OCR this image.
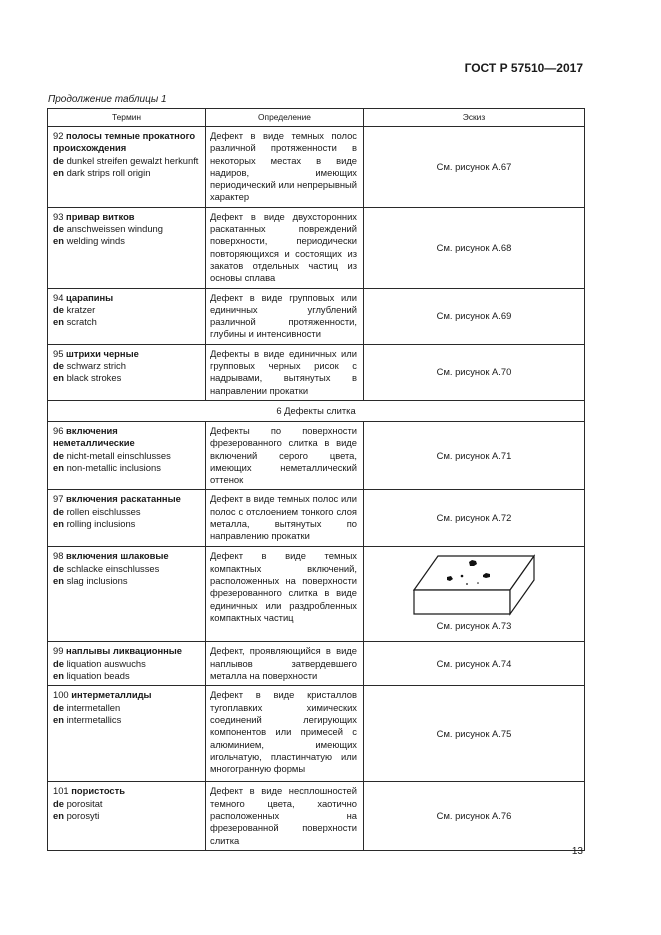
ГОСТ Р 57510—2017
Продолжение таблицы 1
Термин	Определение	Эскиз
92 полосы темные прокатного происхождения
de dunkel streifen gewalzt herkunft
en dark strips roll origin	Дефект в виде темных полос различной протяженности в некоторых местах в виде надиров, имеющих периодический или непрерывный характер	См. рисунок А.67
93 привар витков
de anschweissen windung
en welding winds	Дефект в виде двухсторонних раскатанных повреждений поверхности, периодически повторяющихся и состоящих из закатов отдельных частиц из основы сплава	См. рисунок А.68
94 царапины
de kratzer
en scratch	Дефект в виде групповых или единичных углублений различной протяженности, глубины и интенсивности	См. рисунок А.69
95 штрихи черные
de schwarz strich
en black strokes	Дефекты в виде единичных или групповых черных рисок с надрывами, вытянутых в направлении прокатки	См. рисунок А.70
6 Дефекты слитка		
96 включения неметаллические
de nicht-metall einschlusses
en non-metallic inclusions	Дефекты по поверхности фрезерованного слитка в виде включений серого цвета, имеющих неметаллический оттенок	См. рисунок А.71
97 включения раскатанные
de rollen eischlusses
en rolling inclusions	Дефект в виде темных полос или полос с отслоением тонкого слоя металла, вытянутых по направлению прокатки	См. рисунок А.72
98 включения шлаковые
de schlacke einschlusses
en slag inclusions	Дефект в виде темных компактных включений, расположенных на поверхности фрезерованного слитка в виде единичных или раздробленных компактных частиц	См. рисунок А.73

99 наплывы ликвационные
de liquation auswuchs
en liquation beads	Дефект, проявляющийся в виде наплывов затвердевшего металла на поверхности	См. рисунок А.74
100 интерметаллиды
de intermetallen
en intermetallics	Дефект в виде кристаллов тугоплавких химических соединений легирующих компонентов или примесей с алюминием, имеющих игольчатую, пластинчатую или многогранную формы	См. рисунок А.75
101 пористость
de porositat
en porosyti	Дефект в виде несплошностей темного цвета, хаотично расположенных на фрезерованной поверхности слитка	См. рисунок А.76
13
